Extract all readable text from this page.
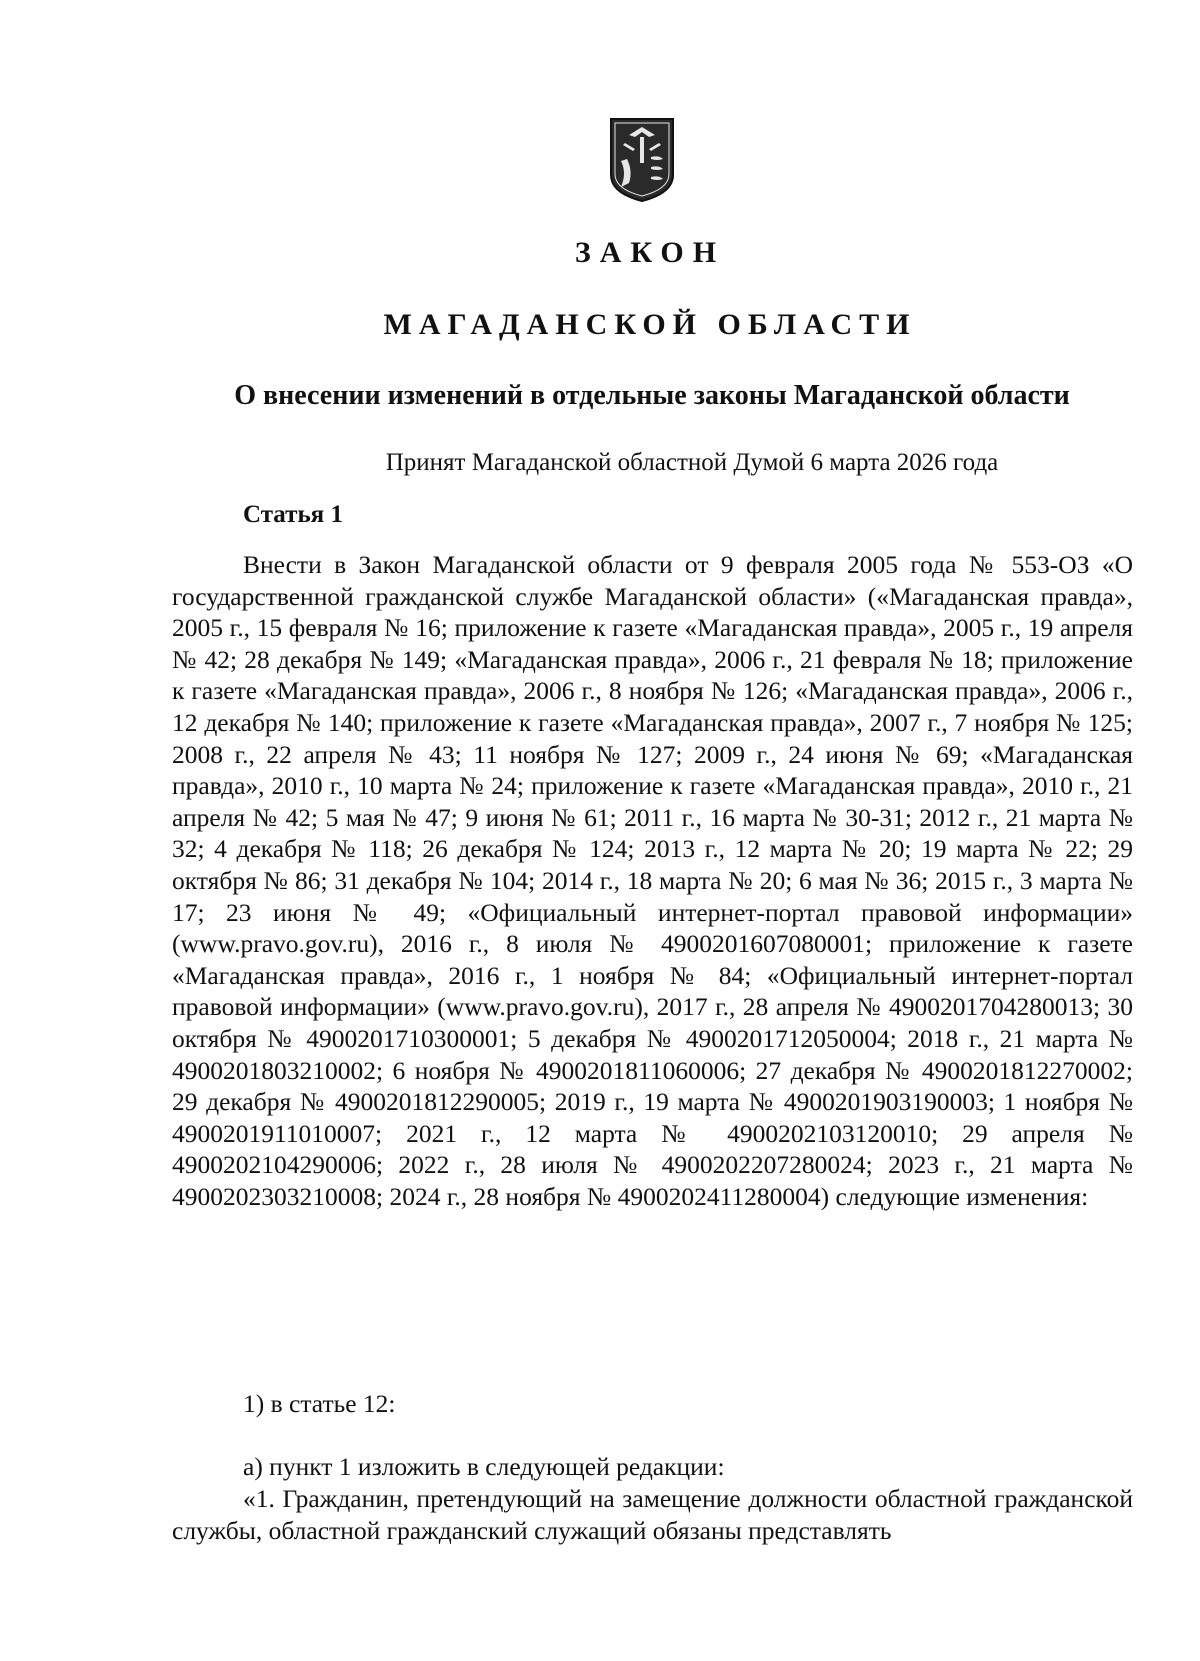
ЗАКОН
МАГАДАНСКОЙ ОБЛАСТИ
О внесении изменений в отдельные законы Магаданской области
Принят Магаданской областной Думой 6 марта 2026 года
Статья 1
Внести в Закон Магаданской области от 9 февраля 2005 года № 553-ОЗ «О государственной гражданской службе Магаданской области» («Магаданская правда», 2005 г., 15 февраля № 16; приложение к газете «Магаданская правда», 2005 г., 19 апреля № 42; 28 декабря № 149; «Магаданская правда», 2006 г., 21 февраля № 18; приложение к газете «Магаданская правда», 2006 г., 8 ноября № 126; «Магаданская правда», 2006 г., 12 декабря № 140; приложение к газете «Магаданская правда», 2007 г., 7 ноября № 125; 2008 г., 22 апреля № 43; 11 ноября № 127; 2009 г., 24 июня № 69; «Магаданская правда», 2010 г., 10 марта № 24; приложение к газете «Магаданская правда», 2010 г., 21 апреля № 42; 5 мая № 47; 9 июня № 61; 2011 г., 16 марта № 30-31; 2012 г., 21 марта № 32; 4 декабря № 118; 26 декабря № 124; 2013 г., 12 марта № 20; 19 марта № 22; 29 октября № 86; 31 декабря № 104; 2014 г., 18 марта № 20; 6 мая № 36; 2015 г., 3 марта № 17; 23 июня № 49; «Официальный интернет-портал правовой информации» (www.pravo.gov.ru), 2016 г., 8 июля № 4900201607080001; приложение к газете «Магаданская правда», 2016 г., 1 ноября № 84; «Официальный интернет-портал правовой информации» (www.pravo.gov.ru), 2017 г., 28 апреля № 4900201704280013; 30 октября № 4900201710300001; 5 декабря № 4900201712050004; 2018 г., 21 марта № 4900201803210002; 6 ноября № 4900201811060006; 27 декабря № 4900201812270002; 29 декабря № 4900201812290005; 2019 г., 19 марта № 4900201903190003; 1 ноября № 4900201911010007; 2021 г., 12 марта № 4900202103120010; 29 апреля № 4900202104290006; 2022 г., 28 июля № 4900202207280024; 2023 г., 21 марта № 4900202303210008; 2024 г., 28 ноября № 4900202411280004) следующие изменения:
1) в статье 12:
а) пункт 1 изложить в следующей редакции:
«1. Гражданин, претендующий на замещение должности областной гражданской службы, областной гражданский служащий обязаны представлять
